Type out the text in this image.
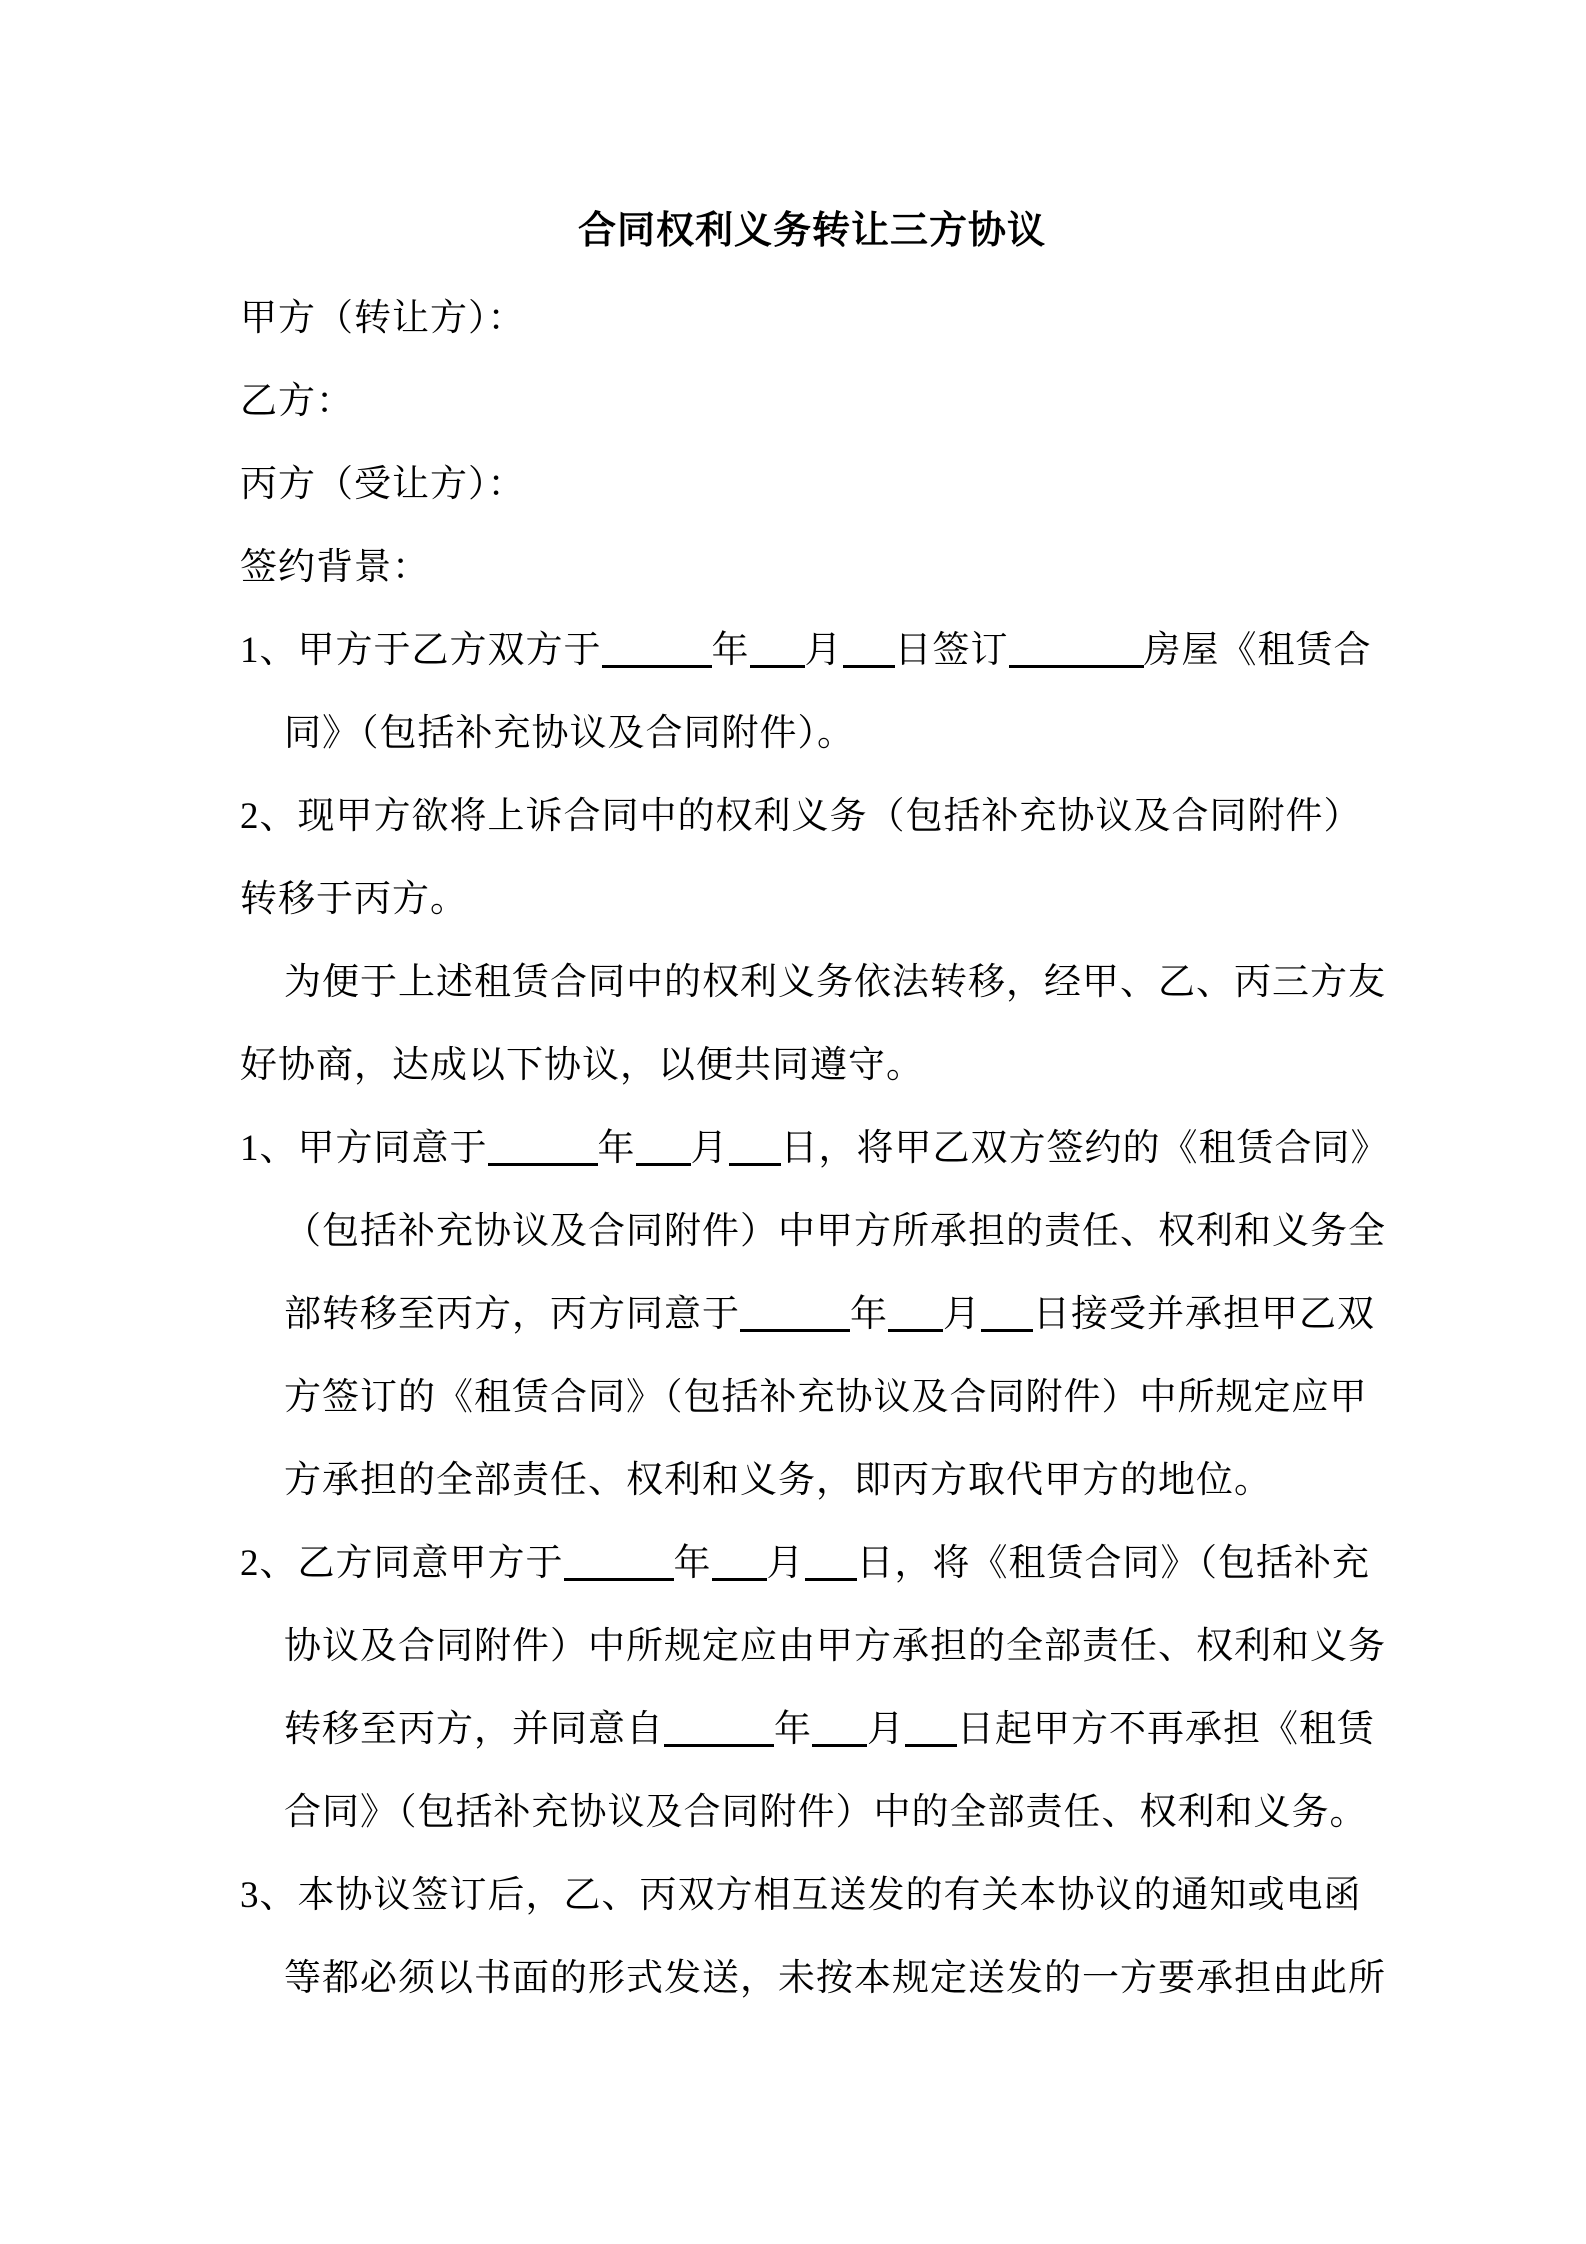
合同权利义务转让三方协议
甲方（转让方）：
乙方：
丙方（受让方）：
签约背景：
1、甲方于乙方双方于	年 月 日签订	房屋《租赁合
同》（包括补充协议及合同附件）。
2、现甲方欲将上诉合同中的权利义务（包括补充协议及合同附件）
转移于丙方。
为便于上述租赁合同中的权利义务依法转移，经甲、乙、丙三方友
好协商，达成以下协议，以便共同遵守。
1、甲方同意于	年 月 日，将甲乙双方签约的《租赁合同》
（包括补充协议及合同附件）中甲方所承担的责任、权利和义务全
部转移至丙方，丙方同意于	年 月 日接受并承担甲乙双
方签订的《租赁合同》（包括补充协议及合同附件）中所规定应甲
方承担的全部责任、权利和义务，即丙方取代甲方的地位。
2、乙方同意甲方于	年 月 日，将《租赁合同》（包括补充
协议及合同附件）中所规定应由甲方承担的全部责任、权利和义务
转移至丙方，并同意自	年 月 日起甲方不再承担《租赁
合同》（包括补充协议及合同附件）中的全部责任、权利和义务。
3、本协议签订后，乙、丙双方相互送发的有关本协议的通知或电函
等都必须以书面的形式发送，未按本规定送发的一方要承担由此所
